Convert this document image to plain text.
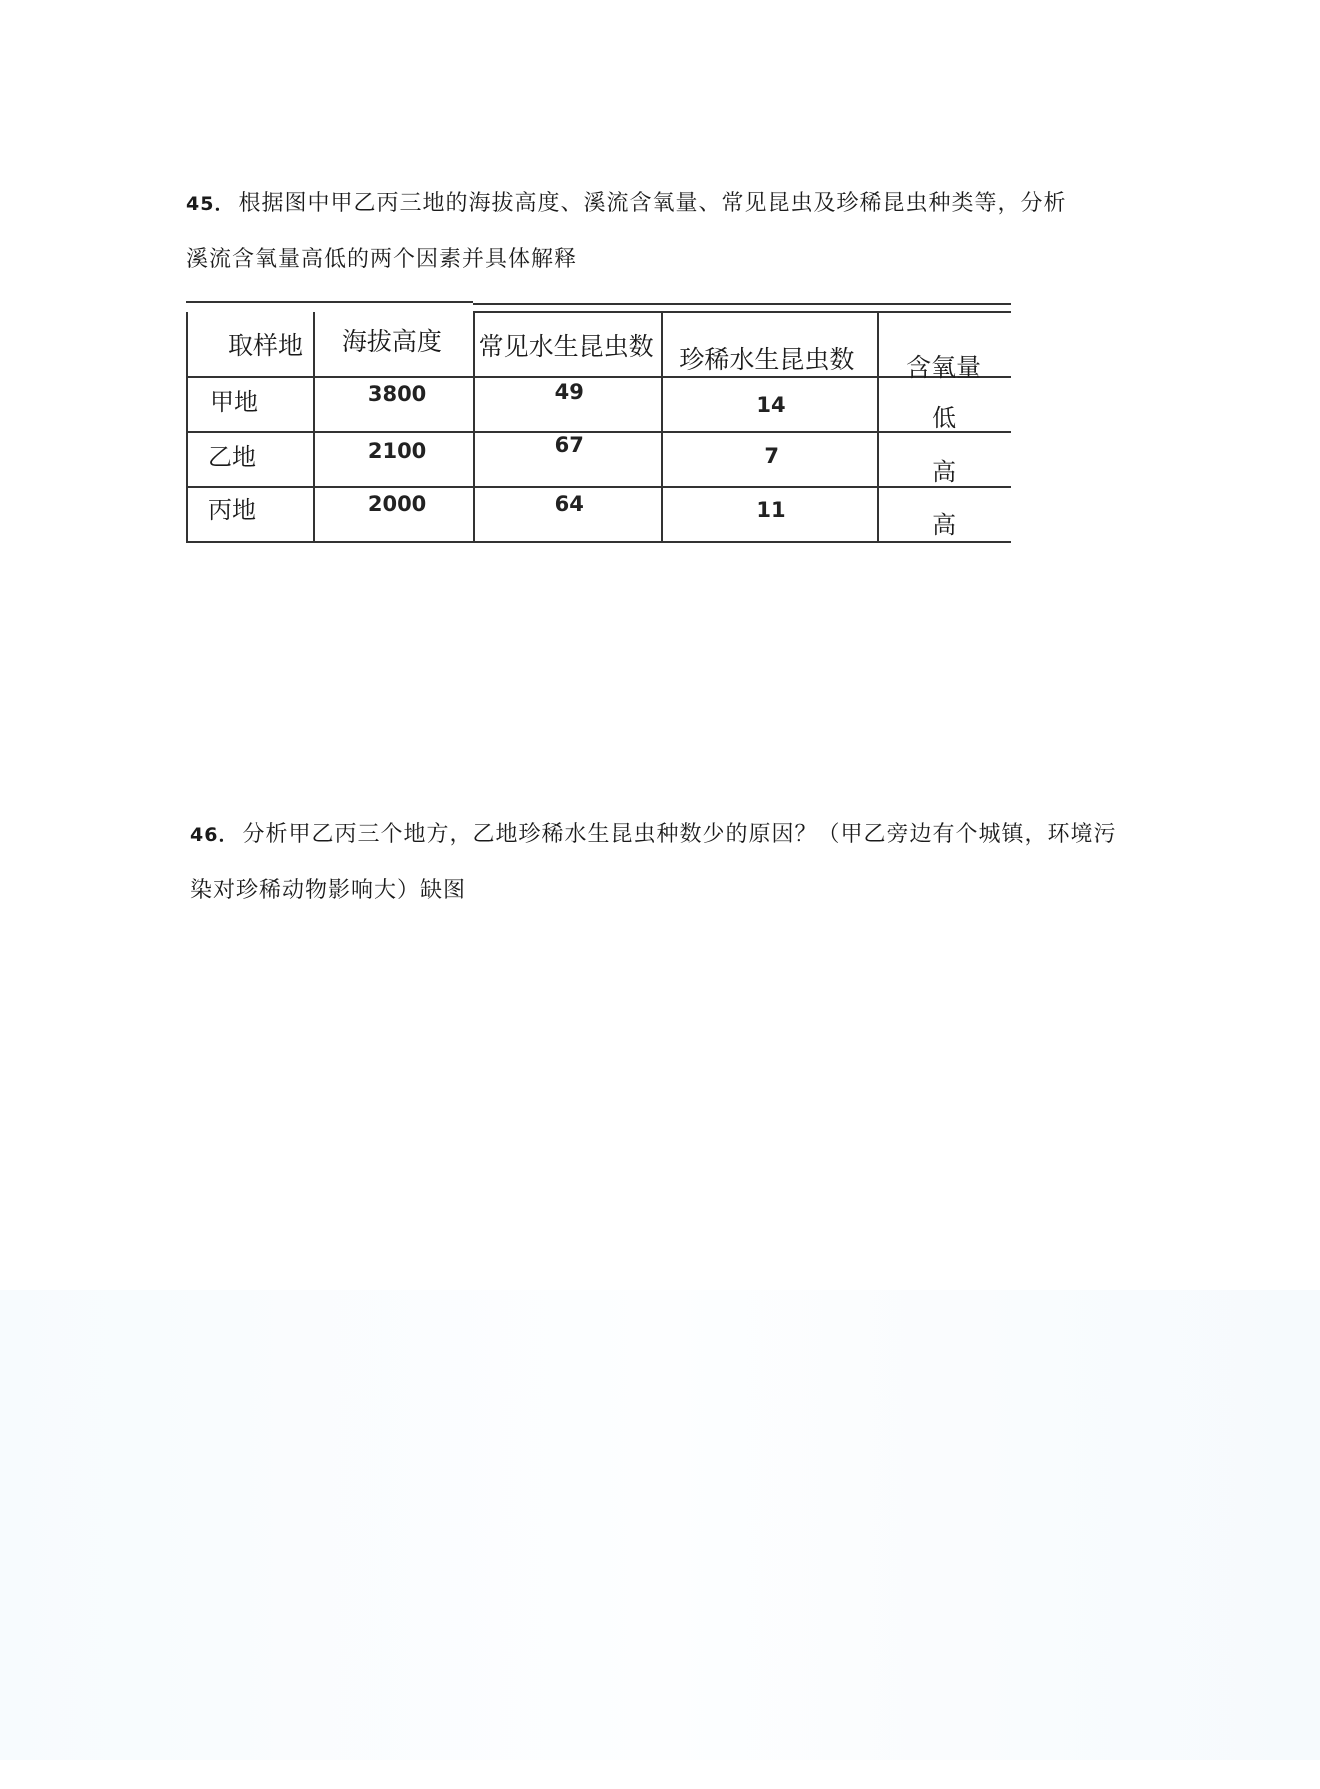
45． 根据图中甲乙丙三地的海拔高度、溪流含氧量、常见昆虫及珍稀昆虫种类等，分析
溪流含氧量高低的两个因素并具体解释
取样地	海拔高度	常见水生昆虫数	珍稀水生昆虫数	含氧量

甲地	3800	49	14	低

乙地	2100	67	7	高

丙地	2000	64	11	高
46． 分析甲乙丙三个地方，乙地珍稀水生昆虫种数少的原因？（甲乙旁边有个城镇，环境污
染对珍稀动物影响大）缺图
